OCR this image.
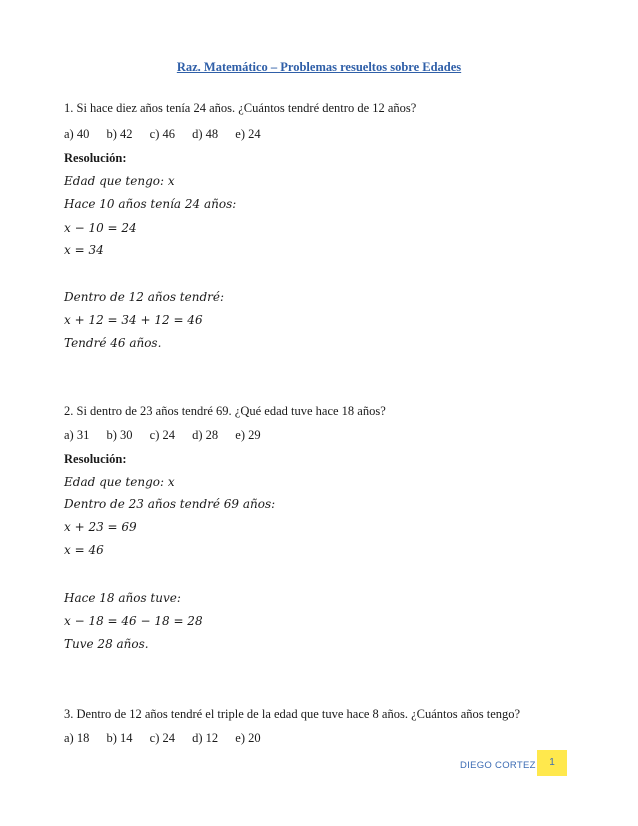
Raz. Matemático – Problemas resueltos sobre Edades
1. Si hace diez años tenía 24 años. ¿Cuántos tendré dentro de 12 años?
a) 40 b) 42 c) 46 d) 48 e) 24
Resolución:
Edad que tengo: x
Hace 10 años tenía 24 años:
x − 10 = 24
x = 34
Dentro de 12 años tendré:
x + 12 = 34 + 12 = 46
Tendré 46 años.
2. Si dentro de 23 años tendré 69. ¿Qué edad tuve hace 18 años?
a) 31 b) 30 c) 24 d) 28 e) 29
Resolución:
Edad que tengo: x
Dentro de 23 años tendré 69 años:
x + 23 = 69
x = 46
Hace 18 años tuve:
x − 18 = 46 − 18 = 28
Tuve 28 años.
3. Dentro de 12 años tendré el triple de la edad que tuve hace 8 años. ¿Cuántos años tengo?
a) 18 b) 14 c) 24 d) 12 e) 20
DIEGO CORTEZ	1
